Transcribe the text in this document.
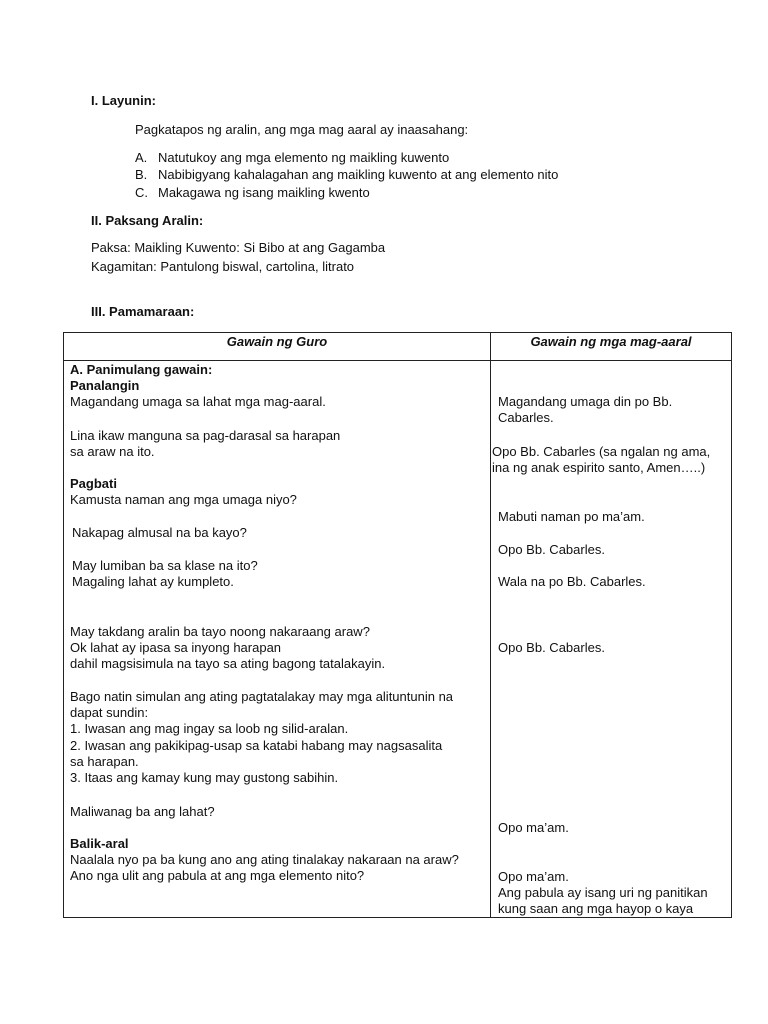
I. Layunin:
Pagkatapos ng aralin, ang mga mag aaral ay inaasahang:
A. Natutukoy ang mga elemento ng maikling kuwento
B. Nabibigyang kahalagahan ang maikling kuwento at ang elemento nito
C. Makagawa ng isang maikling kwento
II. Paksang Aralin:
Paksa: Maikling Kuwento: Si Bibo at ang Gagamba
Kagamitan: Pantulong biswal, cartolina, litrato
III. Pamamaraan:
Gawain ng Guro	Gawain ng mga mag-aaral
A. Panimulang gawain:
Panalangin
Magandang umaga sa lahat mga mag-aaral.
Lina ikaw manguna sa pag-darasal sa harapan
sa araw na ito.
Pagbati
Kamusta naman ang mga umaga niyo?
Nakapag almusal na ba kayo?
May lumiban ba sa klase na ito?
Magaling lahat ay kumpleto.
May takdang aralin ba tayo noong nakaraang araw?
Ok lahat ay ipasa sa inyong harapan
dahil magsisimula na tayo sa ating bagong tatalakayin.
Bago natin simulan ang ating pagtatalakay may mga alituntunin na
dapat sundin:
1. Iwasan ang mag ingay sa loob ng silid-aralan.
2. Iwasan ang pakikipag-usap sa katabi habang may nagsasalita
sa harapan.
3. Itaas ang kamay kung may gustong sabihin.
Maliwanag ba ang lahat?
Balik-aral
Naalala nyo pa ba kung ano ang ating tinalakay nakaraan na araw?
Ano nga ulit ang pabula at ang mga elemento nito?
Magandang umaga din po Bb.
Cabarles.
Opo Bb. Cabarles (sa ngalan ng ama,
ina ng anak espirito santo, Amen…..)
Mabuti naman po ma’am.
Opo Bb. Cabarles.
Wala na po Bb. Cabarles.
Opo Bb. Cabarles.
Opo ma’am.
Opo ma’am.
Ang pabula ay isang uri ng panitikan
kung saan ang mga hayop o kaya
